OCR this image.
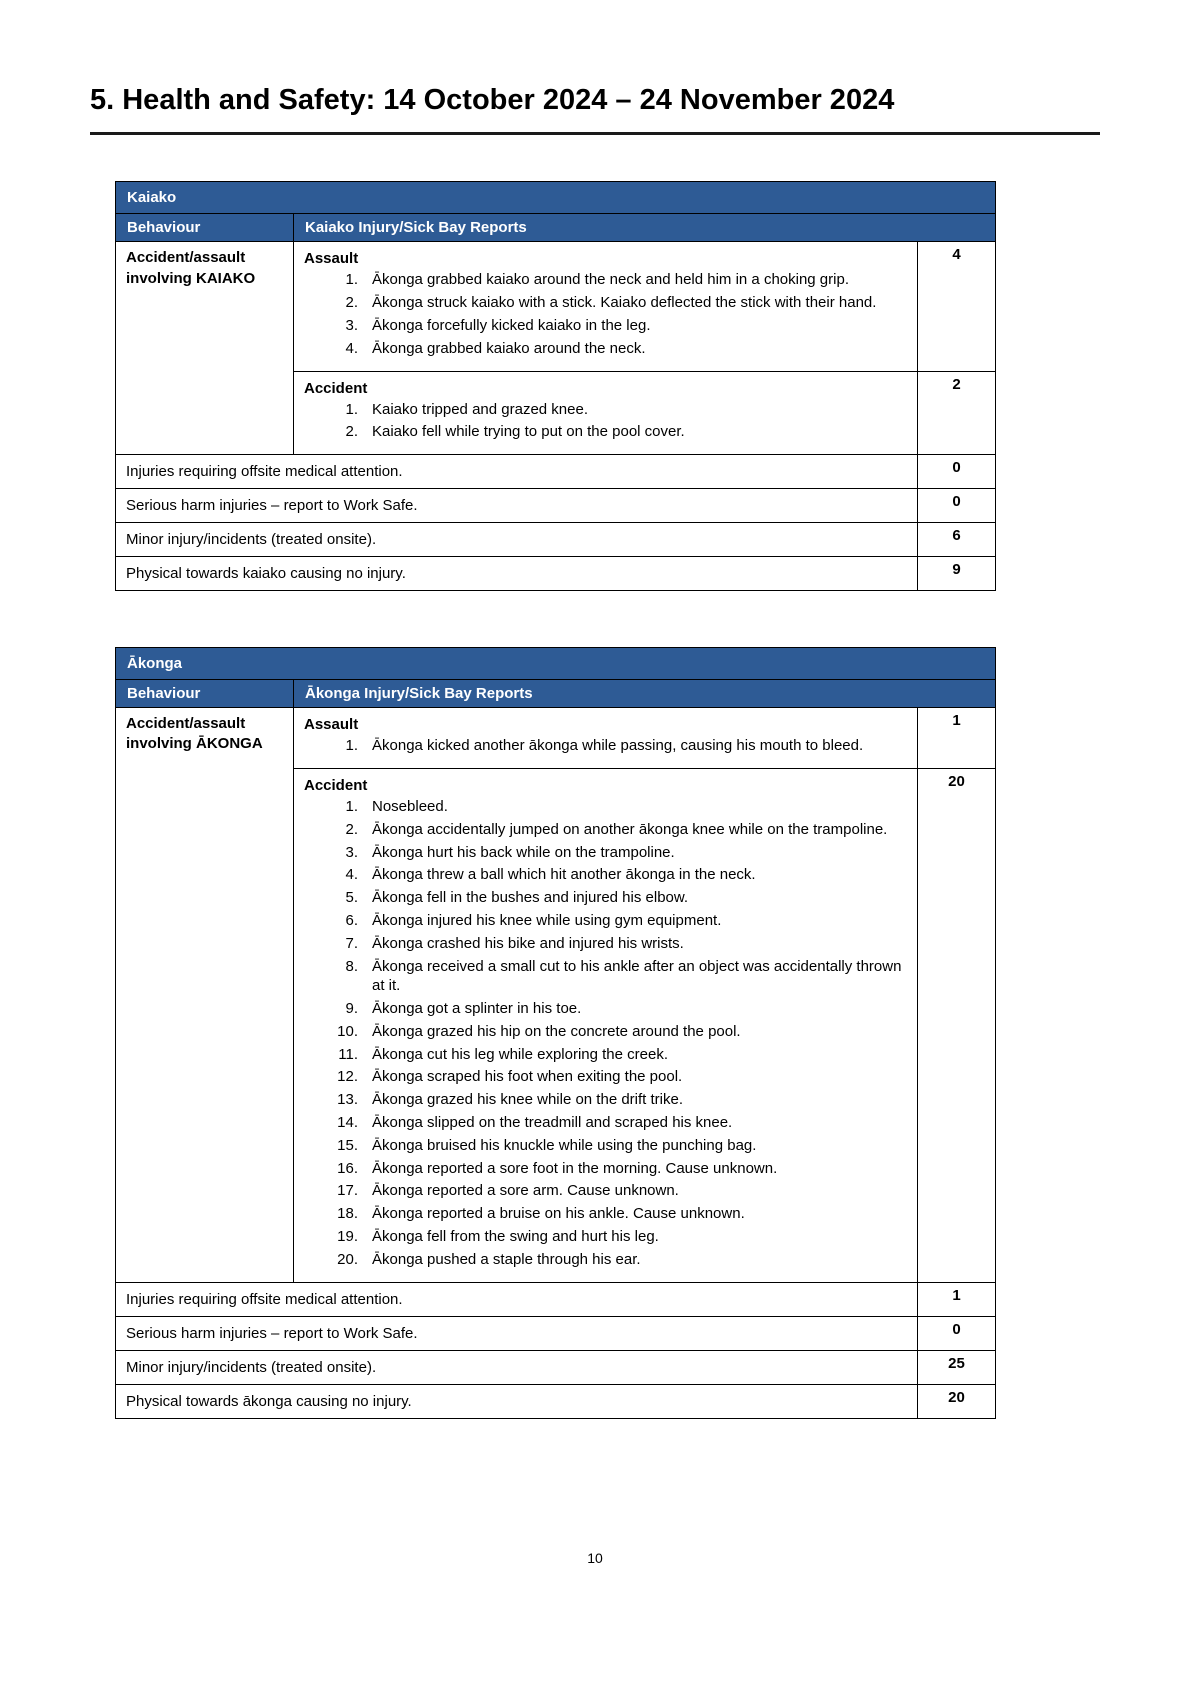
5. Health and Safety: 14 October 2024 – 24 November 2024
Kaiako		
Behaviour	Kaiako Injury/Sick Bay Reports	
Accident/assault involving KAIAKO	
Assault
Ākonga grabbed kaiako around the neck and held him in a choking grip.
Ākonga struck kaiako with a stick. Kaiako deflected the stick with their hand.
Ākonga forcefully kicked kaiako in the leg.
Ākonga grabbed kaiako around the neck.
	4

Accident
Kaiako tripped and grazed knee.
Kaiako fell while trying to put on the pool cover.
	2
Injuries requiring offsite medical attention.		0
Serious harm injuries – report to Work Safe.		0
Minor injury/incidents (treated onsite).		6
Physical towards kaiako causing no injury.		9
Ākonga		
Behaviour	Ākonga Injury/Sick Bay Reports	
Accident/assault involving ĀKONGA	
Assault
Ākonga kicked another ākonga while passing, causing his mouth to bleed.
	1

Accident
Nosebleed.
Ākonga accidentally jumped on another ākonga knee while on the trampoline.
Ākonga hurt his back while on the trampoline.
Ākonga threw a ball which hit another ākonga in the neck.
Ākonga fell in the bushes and injured his elbow.
Ākonga injured his knee while using gym equipment.
Ākonga crashed his bike and injured his wrists.
Ākonga received a small cut to his ankle after an object was accidentally thrown at it.
Ākonga got a splinter in his toe.
Ākonga grazed his hip on the concrete around the pool.
Ākonga cut his leg while exploring the creek.
Ākonga scraped his foot when exiting the pool.
Ākonga grazed his knee while on the drift trike.
Ākonga slipped on the treadmill and scraped his knee.
Ākonga bruised his knuckle while using the punching bag.
Ākonga reported a sore foot in the morning. Cause unknown.
Ākonga reported a sore arm. Cause unknown.
Ākonga reported a bruise on his ankle. Cause unknown.
Ākonga fell from the swing and hurt his leg.
Ākonga pushed a staple through his ear.
	20
Injuries requiring offsite medical attention.		1
Serious harm injuries – report to Work Safe.		0
Minor injury/incidents (treated onsite).		25
Physical towards ākonga causing no injury.		20
10
